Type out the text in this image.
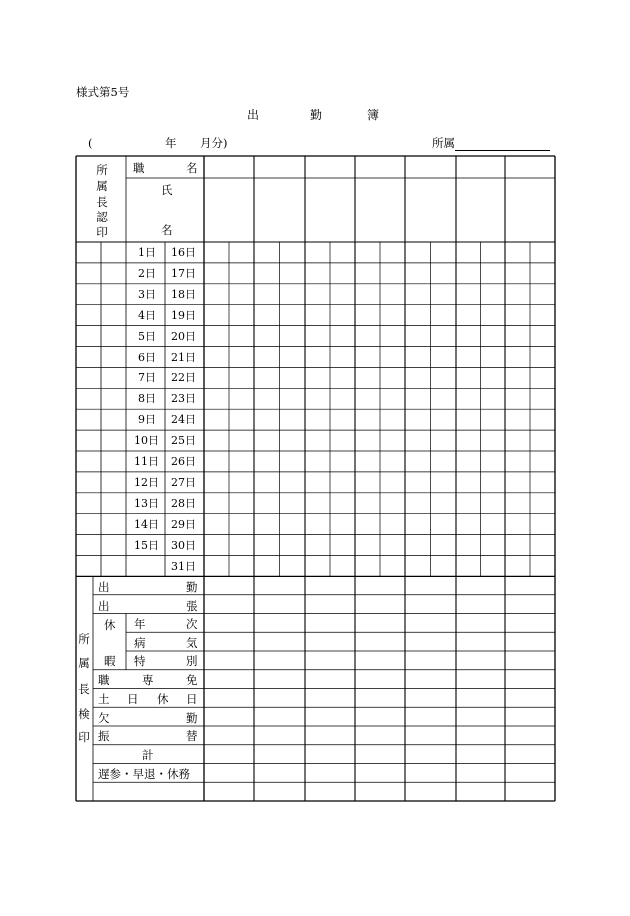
様式第5号
出	勤	簿
(	年 月分)	所属
所
属
長
認
印
職	名
氏
名
1日 16日
2日 17日
3日 18日
4日 19日
5日 20日
6日 21日
7日 22日
8日 23日
9日 24日
10日 25日
11日 26日
12日 27日
13日 28日
14日 29日
15日 30日
31日
所
属
長
検
印
出	勤
出	張
休
暇
年	次
病	気
特	別
職	専	免
土 日 休 日
欠	勤
振	替
計
遅参・早退・休務
